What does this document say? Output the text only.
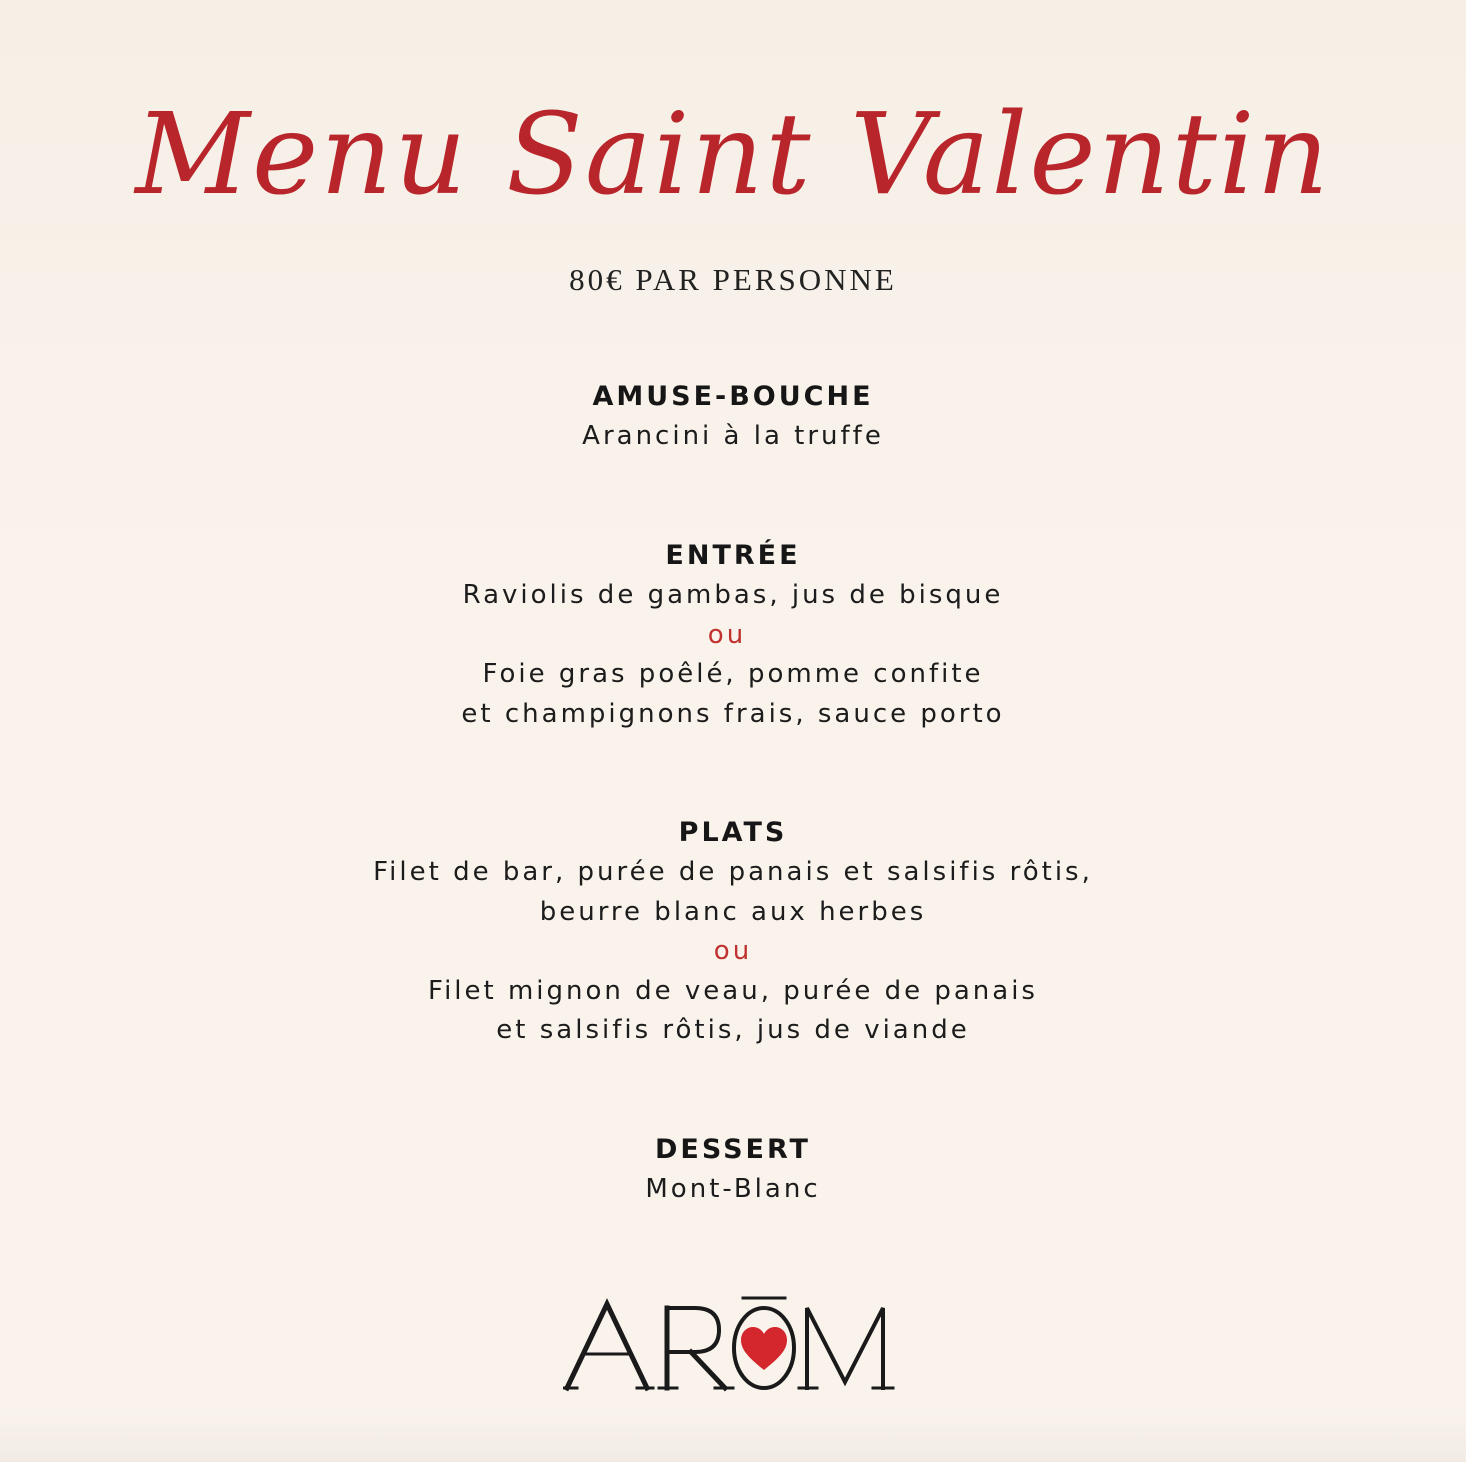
Menu Saint Valentin
80€ PAR PERSONNE
AMUSE-BOUCHE
Arancini à la truffe
ENTRÉE
Raviolis de gambas, jus de bisque
ou
Foie gras poêlé, pomme confite
et champignons frais, sauce porto
PLATS
Filet de bar, purée de panais et salsifis rôtis,
beurre blanc aux herbes
ou
Filet mignon de veau, purée de panais
et salsifis rôtis, jus de viande
DESSERT
Mont-Blanc
